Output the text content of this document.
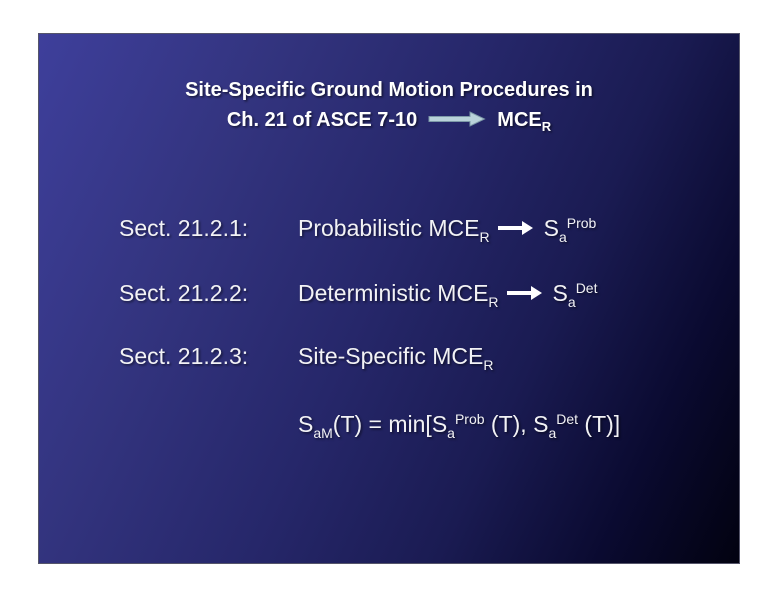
Site-Specific Ground Motion Procedures in
Ch. 21 of ASCE 7-10	$MCE_R$
Sect. 21.2.1: Probabilistic $MCE_R$ $S_a^{Prob}$
Sect. 21.2.2: Deterministic $MCE_R$ $S_a^{Det}$
Sect. 21.2.3: Site-Specific $MCE_R$
$S_{aM}(T) = \min[S_a^{Prob}$ (T), $S_a^{Det}$ (T)]
